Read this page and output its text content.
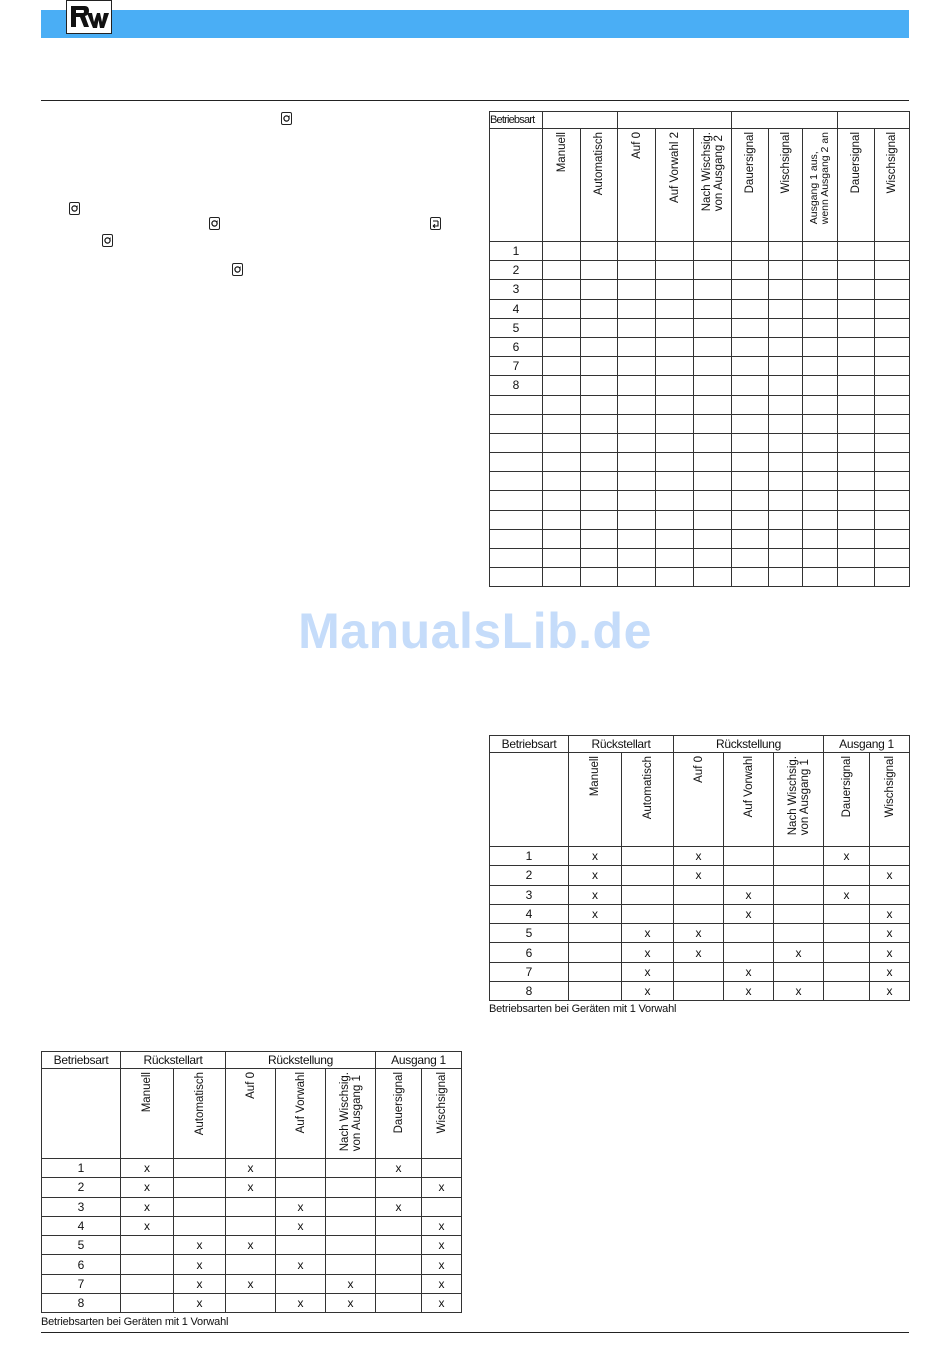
Betriebsart										
	Manuell	Automatisch	Auf 0	Auf Vorwahl 2	Nach Wischsig.
von Ausgang 2	Dauersignal	Wischsignal	Ausgang 1 aus,
wenn Ausgang 2 an	Dauersignal	Wischsignal
1										
2										
3										
4										
5										
6										
7										
8										

ManualsLib.de
Betriebsart	Rückstellart		Rückstellung			Ausgang 1	
	Manuell	Automatisch	Auf 0	Auf Vorwahl	Nach Wischsig.
von Ausgang 1	Dauersignal	Wischsignal
1	x		x			x	
2	x		x				x
3	x			x		x	
4	x			x			x
5		x	x				x
6		x	x		x		x
7		x		x			x
8		x		x	x		x
Betriebsarten bei Geräten mit 1 Vorwahl
Betriebsart	Rückstellart		Rückstellung			Ausgang 1	
	Manuell	Automatisch	Auf 0	Auf Vorwahl	Nach Wischsig.
von Ausgang 1	Dauersignal	Wischsignal
1	x		x			x	
2	x		x				x
3	x			x		x	
4	x			x			x
5		x	x				x
6		x		x			x
7		x	x		x		x
8		x		x	x		x
Betriebsarten bei Geräten mit 1 Vorwahl
